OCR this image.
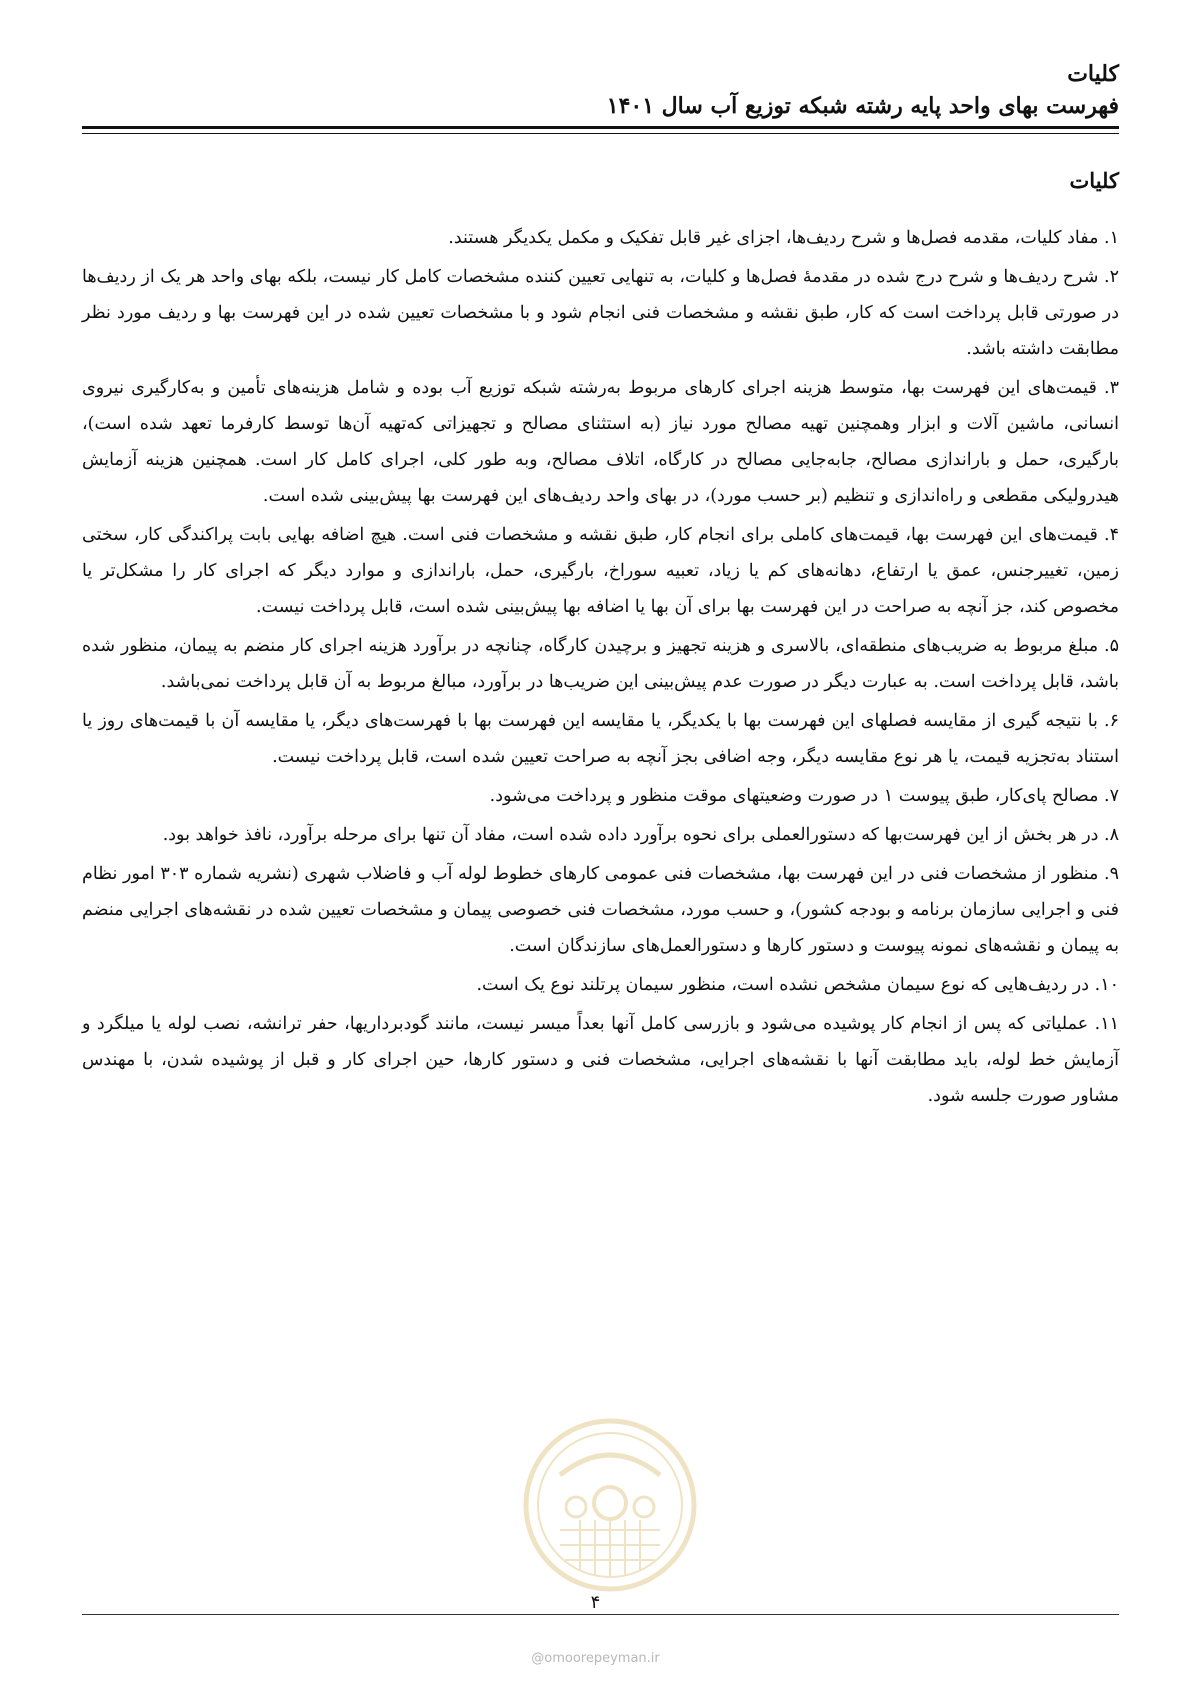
کلیات
فهرست بهای واحد پایه رشته شبکه توزیع آب سال ۱۴۰۱
کلیات

۱. مفاد کلیات، مقدمه فصل‌ها و شرح ردیف‌ها، اجزای غیر قابل تفکیک و مکمل یکدیگر هستند.

۲. شرح ردیف‌ها و شرح درج شده در مقدمهٔ فصل‌ها و کلیات، به تنهایی تعیین کننده مشخصات کامل کار نیست، بلکه بهای واحد هر یک از ردیف‌ها در صورتی قابل پرداخت است که کار، طبق نقشه و مشخصات فنی انجام شود و با مشخصات تعیین شده در این فهرست بها و ردیف مورد نظر مطابقت داشته باشد.

۳. قیمت‌های این فهرست بها، متوسط هزینه اجرای کارهای مربوط به‌رشته شبکه توزیع آب بوده و شامل هزینه‌های تأمین و به‌کارگیری نیروی انسانی، ماشین آلات و ابزار وهمچنین تهیه مصالح مورد نیاز (به استثنای مصالح و تجهیزاتی که‌تهیه آن‌ها توسط کارفرما تعهد شده است)، بارگیری، حمل و باراندازی مصالح، جابه‌جایی مصالح در کارگاه، اتلاف مصالح، وبه طور کلی، اجرای کامل کار است. همچنین هزینه آزمایش هیدرولیکی مقطعی و راه‌اندازی و تنظیم (بر حسب مورد)، در بهای واحد ردیف‌های این فهرست بها پیش‌بینی شده است.

۴. قیمت‌های این فهرست بها، قیمت‌های کاملی برای انجام کار، طبق نقشه و مشخصات فنی است. هیچ اضافه بهایی بابت پراکندگی کار، سختی زمین، تغییرجنس، عمق یا ارتفاع، دهانه‌های کم یا زیاد، تعبیه سوراخ، بارگیری، حمل، باراندازی و موارد دیگر که اجرای کار را مشکل‌تر یا مخصوص کند، جز آنچه به صراحت در این فهرست بها برای آن بها یا اضافه بها پیش‌بینی شده است، قابل پرداخت نیست.

۵. مبلغ مربوط به ضریب‌های منطقه‌ای، بالاسری و هزینه تجهیز و برچیدن کارگاه، چنانچه در برآورد هزینه اجرای کار منضم به پیمان، منظور شده باشد، قابل پرداخت است. به عبارت دیگر در صورت عدم پیش‌بینی این ضریب‌ها در برآورد، مبالغ مربوط به آن قابل پرداخت نمی‌باشد.

۶. با نتیجه گیری از مقایسه فصلهای این فهرست بها با یکدیگر، یا مقایسه این فهرست بها با فهرست‌های دیگر، یا مقایسه آن با قیمت‌های روز یا استناد به‌تجزیه قیمت، یا هر نوع مقایسه دیگر، وجه اضافی بجز آنچه به صراحت تعیین شده است، قابل پرداخت نیست.

۷. مصالح پای‌کار، طبق پیوست ۱ در صورت وضعیتهای موقت منظور و پرداخت می‌شود.

۸. در هر بخش از این فهرست‌بها که دستورالعملی برای نحوه برآورد داده شده است، مفاد آن تنها برای مرحله برآورد، نافذ خواهد بود.

۹. منظور از مشخصات فنی در این فهرست بها، مشخصات فنی عمومی کارهای خطوط لوله آب و فاضلاب شهری (نشریه شماره ۳۰۳ امور نظام فنی و اجرایی سازمان برنامه و بودجه کشور)، و حسب مورد، مشخصات فنی خصوصی پیمان و مشخصات تعیین شده در نقشه‌های اجرایی منضم به پیمان و نقشه‌های نمونه پیوست و دستور کارها و دستورالعمل‌های سازندگان است.

۱۰. در ردیف‌هایی که نوع سیمان مشخص نشده است، منظور سیمان پرتلند نوع یک است.

۱۱. عملیاتی که پس از انجام کار پوشیده می‌شود و بازرسی کامل آنها بعداً میسر نیست، مانند گودبرداریها، حفر ترانشه، نصب لوله یا میلگرد و آزمایش خط لوله، باید مطابقت آنها با نقشه‌های اجرایی، مشخصات فنی و دستور کارها، حین اجرای کار و قبل از پوشیده شدن، با مهندس مشاور صورت جلسه شود.

۴
@omoorepeyman.ir
